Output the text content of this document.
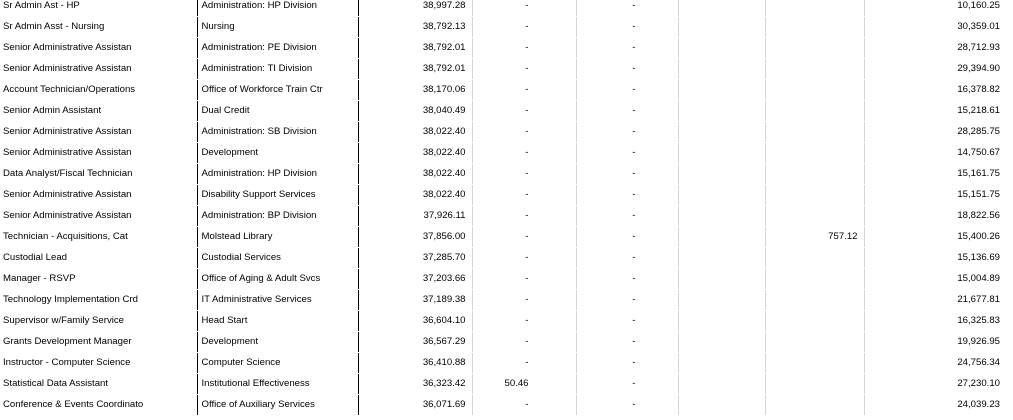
Sr Admin Ast - HP	Administration: HP Division	38,997.28	-	-			10,160.25
Sr Admin Asst - Nursing	Nursing	38,792.13	-	-			30,359.01
Senior Administrative Assistan	Administration: PE Division	38,792.01	-	-			28,712.93
Senior Administrative Assistan	Administration: TI Division	38,792.01	-	-			29,394.90
Account Technician/Operations	Office of Workforce Train Ctr	38,170.06	-	-			16,378.82
Senior Admin Assistant	Dual Credit	38,040.49	-	-			15,218.61
Senior Administrative Assistan	Administration: SB Division	38,022.40	-	-			28,285.75
Senior Administrative Assistan	Development	38,022.40	-	-			14,750.67
Data Analyst/Fiscal Technician	Administration: HP Division	38,022.40	-	-			15,161.75
Senior Administrative Assistan	Disability Support Services	38,022.40	-	-			15,151.75
Senior Administrative Assistan	Administration: BP Division	37,926.11	-	-			18,822.56
Technician - Acquisitions, Cat	Molstead Library	37,856.00	-	-		757.12	15,400.26
Custodial Lead	Custodial Services	37,285.70	-	-			15,136.69
Manager - RSVP	Office of Aging & Adult Svcs	37,203.66	-	-			15,004.89
Technology Implementation Crd	IT Administrative Services	37,189.38	-	-			21,677.81
Supervisor w/Family Service	Head Start	36,604.10	-	-			16,325.83
Grants Development Manager	Development	36,567.29	-	-			19,926.95
Instructor - Computer Science	Computer Science	36,410.88	-	-			24,756.34
Statistical Data Assistant	Institutional Effectiveness	36,323.42	50.46	-			27,230.10
Conference & Events Coordinato	Office of Auxiliary Services	36,071.69	-	-			24,039.23
